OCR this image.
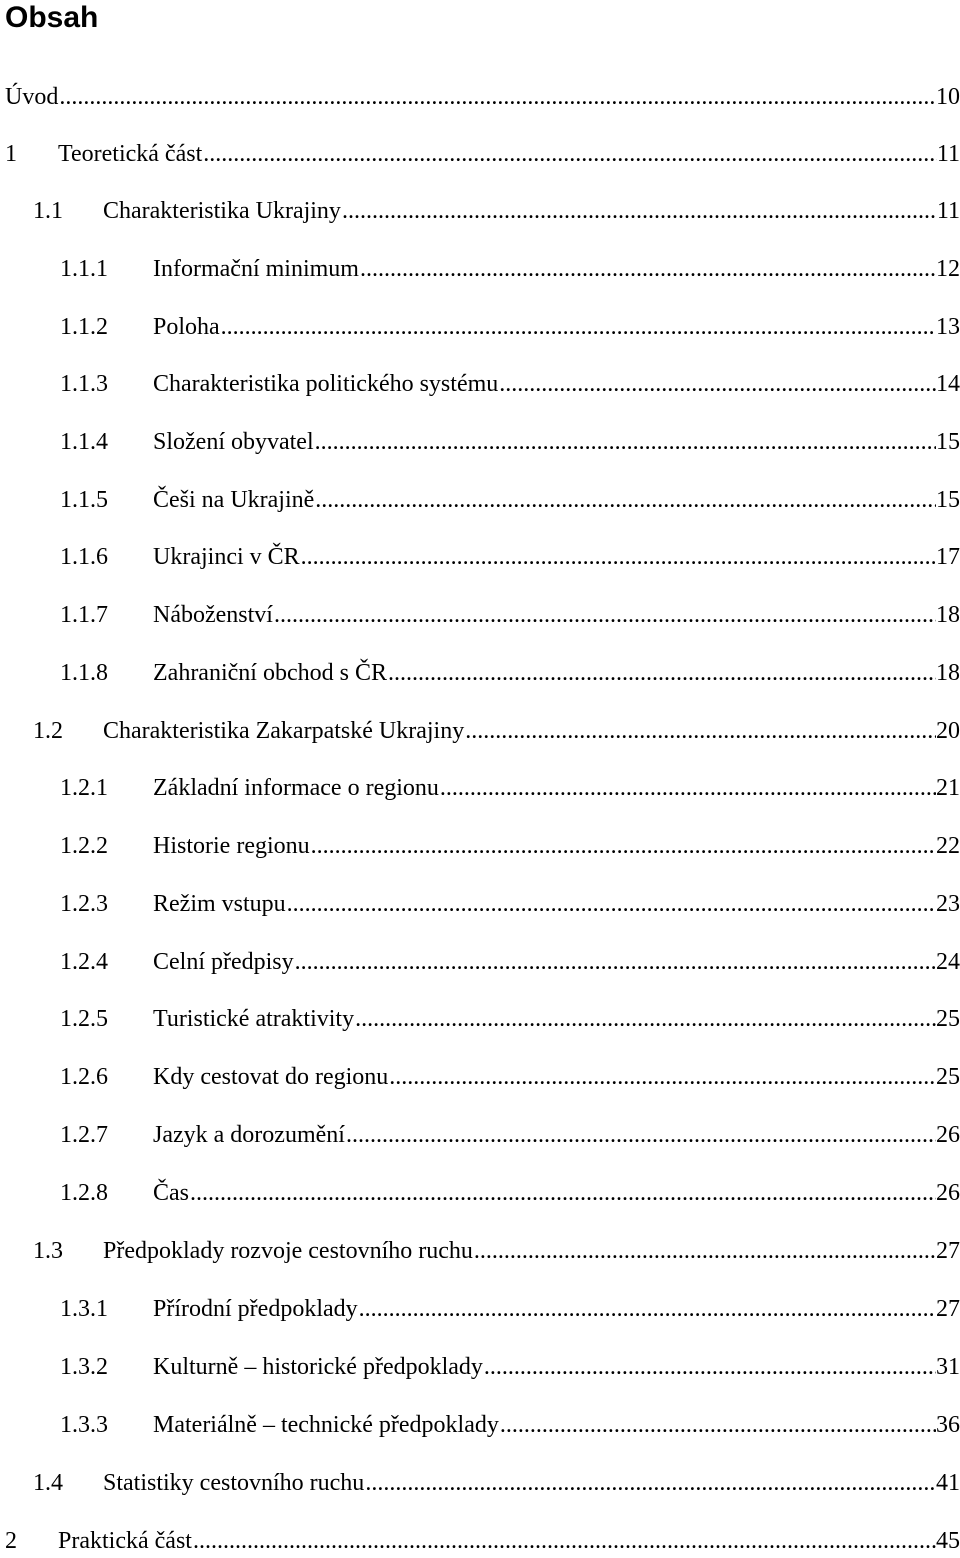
Obsah
Úvod .....	10
1 Teoretická část .....	11
1.1 Charakteristika Ukrajiny .....	11
1.1.1 Informační minimum .....	12
1.1.2 Poloha .....	13
1.1.3 Charakteristika politického systému .....	14
1.1.4 Složení obyvatel .....	15
1.1.5 Češi na Ukrajině .....	15
1.1.6 Ukrajinci v ČR .....	17
1.1.7 Náboženství .....	18
1.1.8 Zahraniční obchod s ČR .....	18
1.2 Charakteristika Zakarpatské Ukrajiny .....	20
1.2.1 Základní informace o regionu .....	21
1.2.2 Historie regionu .....	22
1.2.3 Režim vstupu .....	23
1.2.4 Celní předpisy .....	24
1.2.5 Turistické atraktivity .....	25
1.2.6 Kdy cestovat do regionu .....	25
1.2.7 Jazyk a dorozumění .....	26
1.2.8 Čas .....	26
1.3 Předpoklady rozvoje cestovního ruchu .....	27
1.3.1 Přírodní předpoklady .....	27
1.3.2 Kulturně – historické předpoklady .....	31
1.3.3 Materiálně – technické předpoklady .....	36
1.4 Statistiky cestovního ruchu .....	41
2 Praktická část .....	45
